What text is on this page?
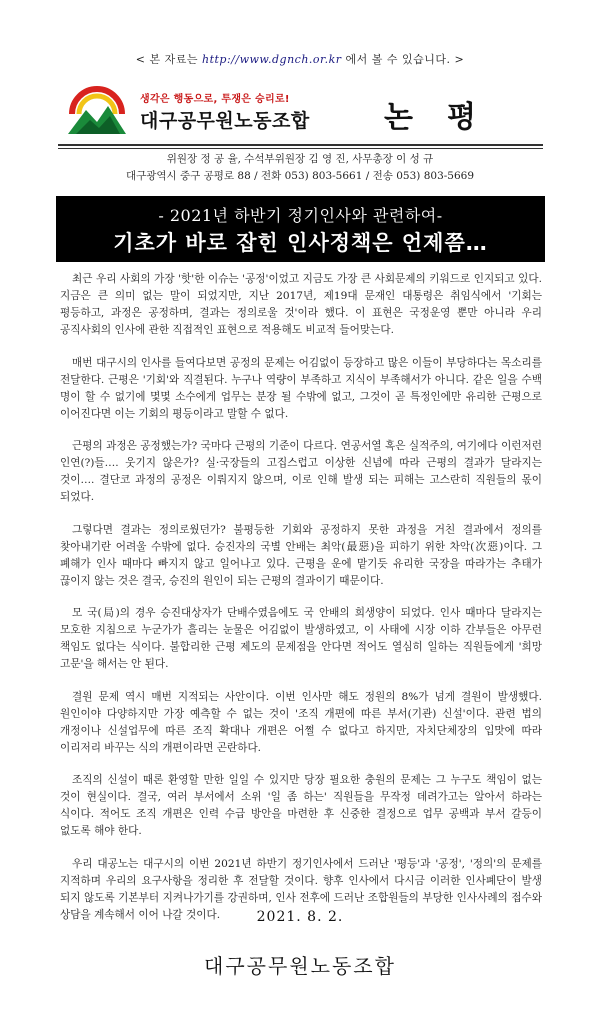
< 본 자료는 http://www.dgnch.or.kr 에서 볼 수 있습니다. >
생각은 행동으로, 투쟁은 승리로!
대구공무원노동조합 논평
위원장 정 공 율, 수석부위원장 김 영 진, 사무총장 이 성 규
대구광역시 중구 공평로 88 / 전화 053) 803-5661 / 전송 053) 803-5669
- 2021년 하반기 정기인사와 관련하여-
기초가 바로 잡힌 인사정책은 언제쯤…

최근 우리 사회의 가장 '핫'한 이슈는 '공정'이었고 지금도 가장 큰 사회문제의 키워드로 인지되고 있다. 지금은 큰 의미 없는 말이 되었지만, 지난 2017년, 제19대 문재인 대통령은 취임식에서 '기회는 평등하고, 과정은 공정하며, 결과는 정의로울 것'이라 했다. 이 표현은 국정운영 뿐만 아니라 우리 공직사회의 인사에 관한 직접적인 표현으로 적용해도 비교적 들어맞는다.

매번 대구시의 인사를 들여다보면 공정의 문제는 어김없이 등장하고 많은 이들이 부당하다는 목소리를 전달한다. 근평은 '기회'와 직결된다. 누구나 역량이 부족하고 지식이 부족해서가 아니다. 같은 일을 수백 명이 할 수 없기에 몇몇 소수에게 업무는 분장 될 수밖에 없고, 그것이 곧 특정인에만 유리한 근평으로 이어진다면 이는 기회의 평등이라고 말할 수 없다.

근평의 과정은 공정했는가? 국마다 근평의 기준이 다르다. 연공서열 혹은 실적주의, 여기에다 이런저런 인연(?)들…. 웃기지 않은가? 실·국장들의 고집스럽고 이상한 신념에 따라 근평의 결과가 달라지는 것이…. 결단코 과정의 공정은 이뤄지지 않으며, 이로 인해 발생 되는 피해는 고스란히 직원들의 몫이 되었다.

그렇다면 결과는 정의로웠던가? 불평등한 기회와 공정하지 못한 과정을 거친 결과에서 정의를 찾아내기란 어려울 수밖에 없다. 승진자의 국별 안배는 최악(最惡)을 피하기 위한 차악(次惡)이다. 그 폐해가 인사 때마다 빠지지 않고 일어나고 있다. 근평을 운에 맡기듯 유리한 국장을 따라가는 추태가 끊이지 않는 것은 결국, 승진의 원인이 되는 근평의 결과이기 때문이다.

모 국(局)의 경우 승진대상자가 단배수였음에도 국 안배의 희생양이 되었다. 인사 때마다 달라지는 모호한 지침으로 누군가가 흘리는 눈물은 어김없이 발생하였고, 이 사태에 시장 이하 간부들은 아무런 책임도 없다는 식이다. 불합리한 근평 제도의 문제점을 안다면 적어도 열심히 일하는 직원들에게 '희망 고문'을 해서는 안 된다.

결원 문제 역시 매번 지적되는 사안이다. 이번 인사만 해도 정원의 8%가 넘게 결원이 발생했다. 원인이야 다양하지만 가장 예측할 수 없는 것이 '조직 개편에 따른 부서(기관) 신설'이다. 관련 법의 개정이나 신설업무에 따른 조직 확대나 개편은 어쩔 수 없다고 하지만, 자치단체장의 입맛에 따라 이리저리 바꾸는 식의 개편이라면 곤란하다.

조직의 신설이 때론 환영할 만한 일일 수 있지만 당장 필요한 충원의 문제는 그 누구도 책임이 없는 것이 현실이다. 결국, 여러 부서에서 소위 '일 좀 하는' 직원들을 무작정 데려가고는 알아서 하라는 식이다. 적어도 조직 개편은 인력 수급 방안을 마련한 후 신중한 결정으로 업무 공백과 부서 갈등이 없도록 해야 한다.

우리 대공노는 대구시의 이번 2021년 하반기 정기인사에서 드러난 '평등'과 '공정', '정의'의 문제를 지적하며 우리의 요구사항을 정리한 후 전달할 것이다. 향후 인사에서 다시금 이러한 인사폐단이 발생 되지 않도록 기본부터 지켜나가기를 강권하며, 인사 전후에 드러난 조합원들의 부당한 인사사례의 접수와 상담을 계속해서 이어 나갈 것이다.	2021. 8. 2.
대구공무원노동조합
